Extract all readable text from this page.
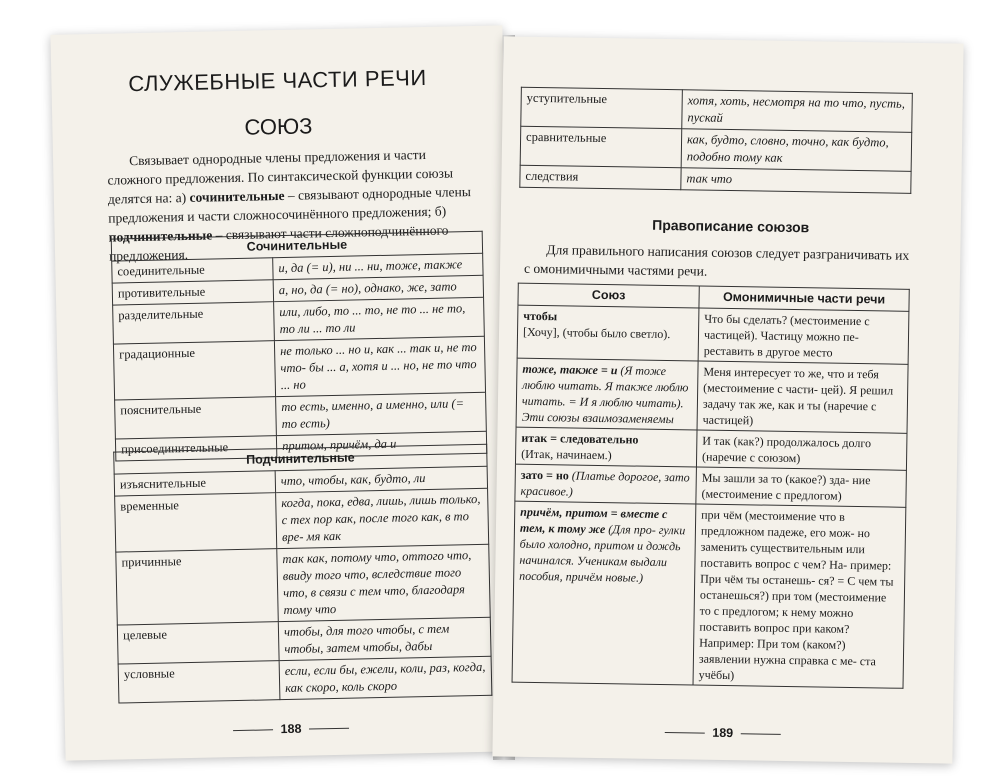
СЛУЖЕБНЫЕ ЧАСТИ РЕЧИ
СОЮЗ
Связывает однородные члены предложения и части сложного предложения. По синтаксической функции союзы делятся на: а) сочинительные – связывают однородные члены предложения и части сложносочинённого предложения; б) подчинительные – связывают части сложноподчинённого предложения.
Сочинительные	
соединительные	и, да (= и), ни ... ни, тоже, также
противительные	а, но, да (= но), однако, же, зато
разделительные	или, либо, то ... то, не то ... не то, то ли ... то ли
градационные	не только ... но и, как ... так и, не то что- бы ... а, хотя и ... но, не то что ... но
пояснительные	то есть, именно, а именно, или (= то есть)
присоединительные	притом, причём, да и
Подчинительные	
изъяснительные	что, чтобы, как, будто, ли
временные	когда, пока, едва, лишь, лишь только, с тех пор как, после того как, в то вре- мя как
причинные	так как, потому что, оттого что, ввиду того что, вследствие того что, в связи с тем что, благодаря тому что
целевые	чтобы, для того чтобы, с тем чтобы, затем чтобы, дабы
условные	если, если бы, ежели, коли, раз, когда, как скоро, коль скоро
188
уступительные	хотя, хоть, несмотря на то что, пусть, пускай
сравнительные	как, будто, словно, точно, как будто, подобно тому как
следствия	так что
Правописание союзов
Для правильного написания союзов следует разграничивать их с омонимичными частями речи.
Союз	Омонимичные части речи
чтобы
[Хочу], (чтобы было светло).	Что бы сделать? (местоимение с частицей). Частицу можно пе- реставить в другое место
тоже, также = и (Я тоже люблю читать. Я также люблю читать. = И я люблю читать). Эти союзы взаимозаменяемы	Меня интересует то же, что и тебя (местоимение с части- цей). Я решил задачу так же, как и ты (наречие с частицей)
итак = следовательно
(Итак, начинаем.)	И так (как?) продолжалось долго (наречие с союзом)
зато = но (Платье дорогое, зато красивое.)	Мы зашли за то (какое?) зда- ние (местоимение с предлогом)
причём, притом = вместе с тем, к тому же (Для про- гулки было холодно, притом и дождь начинался. Ученикам выдали пособия, причём новые.)	при чём (местоимение что в предложном падеже, его мож- но заменить существительным или поставить вопрос с чем? На- пример: При чём ты останешь- ся? = С чем ты останешься?) при том (местоимение то с предлогом; к нему можно поставить вопрос при каком? Например: При том (каком?) заявлении нужна справка с ме- ста учёбы)
189
